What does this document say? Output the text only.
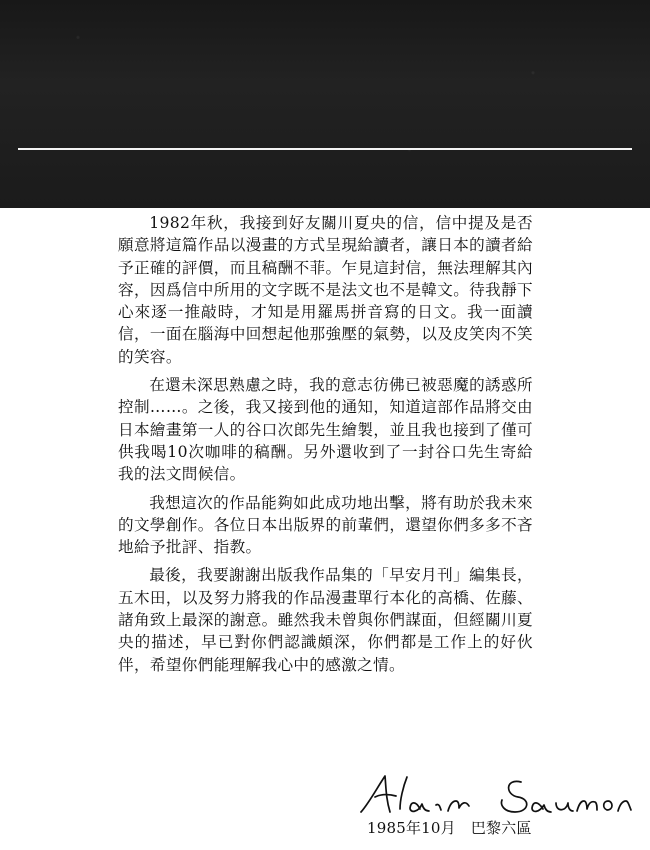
1982年秋，我接到好友關川夏央的信，信中提及是否願意將這篇作品以漫畫的方式呈現給讀者，讓日本的讀者給予正確的評價，而且稿酬不菲。乍見這封信，無法理解其內容，因爲信中所用的文字既不是法文也不是韓文。待我靜下心來逐一推敲時，才知是用羅馬拼音寫的日文。我一面讀信，一面在腦海中回想起他那強壓的氣勢，以及皮笑肉不笑的笑容。

在還未深思熟慮之時，我的意志彷佛已被惡魔的誘惑所控制……。之後，我又接到他的通知，知道這部作品將交由日本繪畫第一人的谷口次郎先生繪製，並且我也接到了僅可供我喝10次咖啡的稿酬。另外還收到了一封谷口先生寄給我的法文問候信。

我想這次的作品能夠如此成功地出擊，將有助於我未來的文學創作。各位日本出版界的前輩們，還望你們多多不吝地給予批評、指教。

最後，我要謝謝出版我作品集的「早安月刊」編集長，五木田，以及努力將我的作品漫畫單行本化的高橋、佐藤、諸角致上最深的謝意。雖然我未曾與你們謀面，但經關川夏央的描述，早已對你們認識頗深，你們都是工作上的好伙伴，希望你們能理解我心中的感激之情。

1985年10月 巴黎六區
